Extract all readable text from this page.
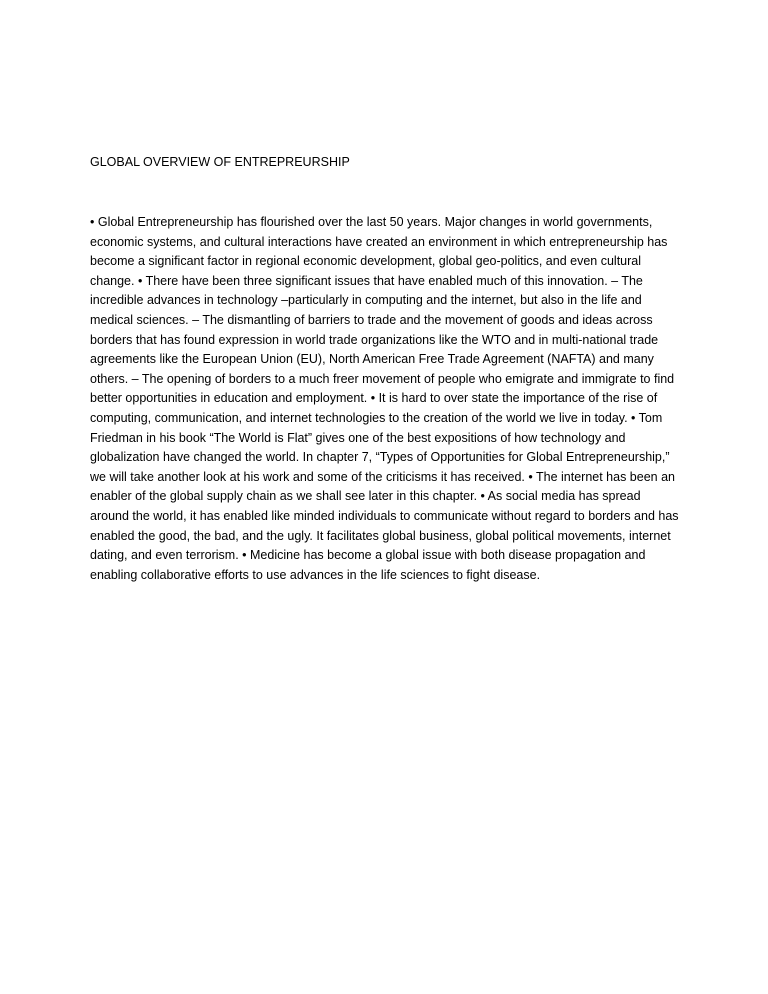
GLOBAL OVERVIEW OF ENTREPREURSHIP

• Global Entrepreneurship has flourished over the last 50 years. Major changes in world governments, economic systems, and cultural interactions have created an environment in which entrepreneurship has become a significant factor in regional economic development, global geo-politics, and even cultural change. • There have been three significant issues that have enabled much of this innovation. – The incredible advances in technology –particularly in computing and the internet, but also in the life and medical sciences. – The dismantling of barriers to trade and the movement of goods and ideas across borders that has found expression in world trade organizations like the WTO and in multi-national trade agreements like the European Union (EU), North American Free Trade Agreement (NAFTA) and many others. – The opening of borders to a much freer movement of people who emigrate and immigrate to find better opportunities in education and employment. • It is hard to over state the importance of the rise of computing, communication, and internet technologies to the creation of the world we live in today. • Tom Friedman in his book “The World is Flat” gives one of the best expositions of how technology and globalization have changed the world. In chapter 7, “Types of Opportunities for Global Entrepreneurship,” we will take another look at his work and some of the criticisms it has received. • The internet has been an enabler of the global supply chain as we shall see later in this chapter. • As social media has spread around the world, it has enabled like minded individuals to communicate without regard to borders and has enabled the good, the bad, and the ugly. It facilitates global business, global political movements, internet dating, and even terrorism. • Medicine has become a global issue with both disease propagation and enabling collaborative efforts to use advances in the life sciences to fight disease.
